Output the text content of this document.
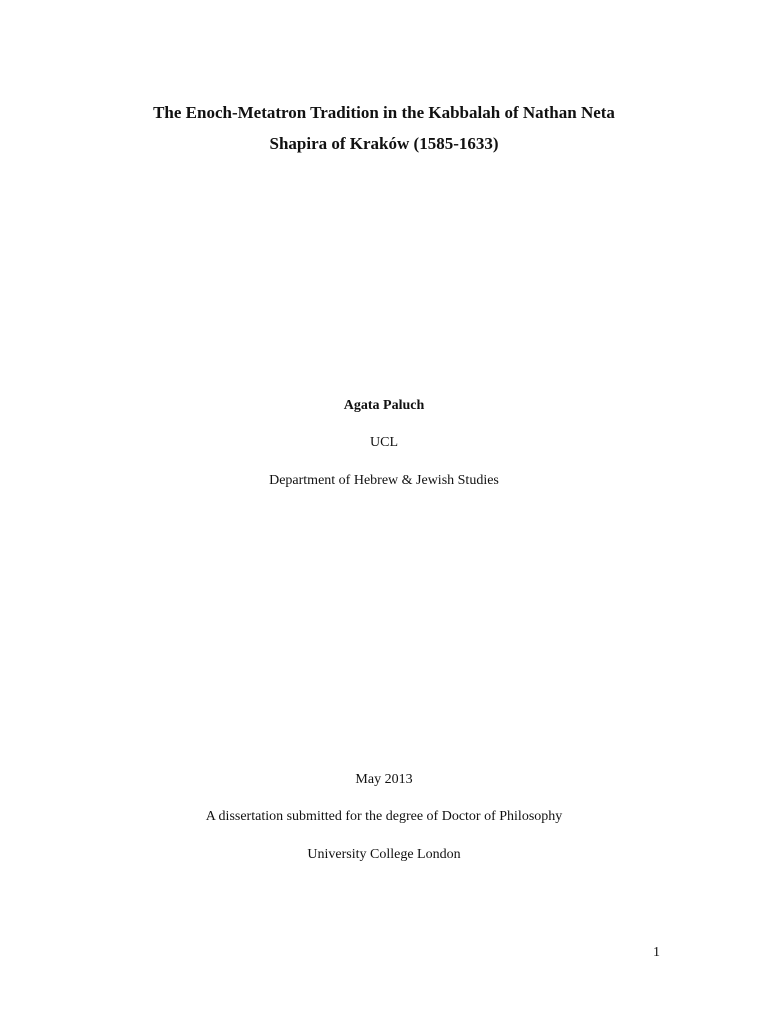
The Enoch-Metatron Tradition in the Kabbalah of Nathan Neta
Shapira of Kraków (1585-1633)
Agata Paluch
UCL
Department of Hebrew & Jewish Studies
May 2013
A dissertation submitted for the degree of Doctor of Philosophy
University College London
1
